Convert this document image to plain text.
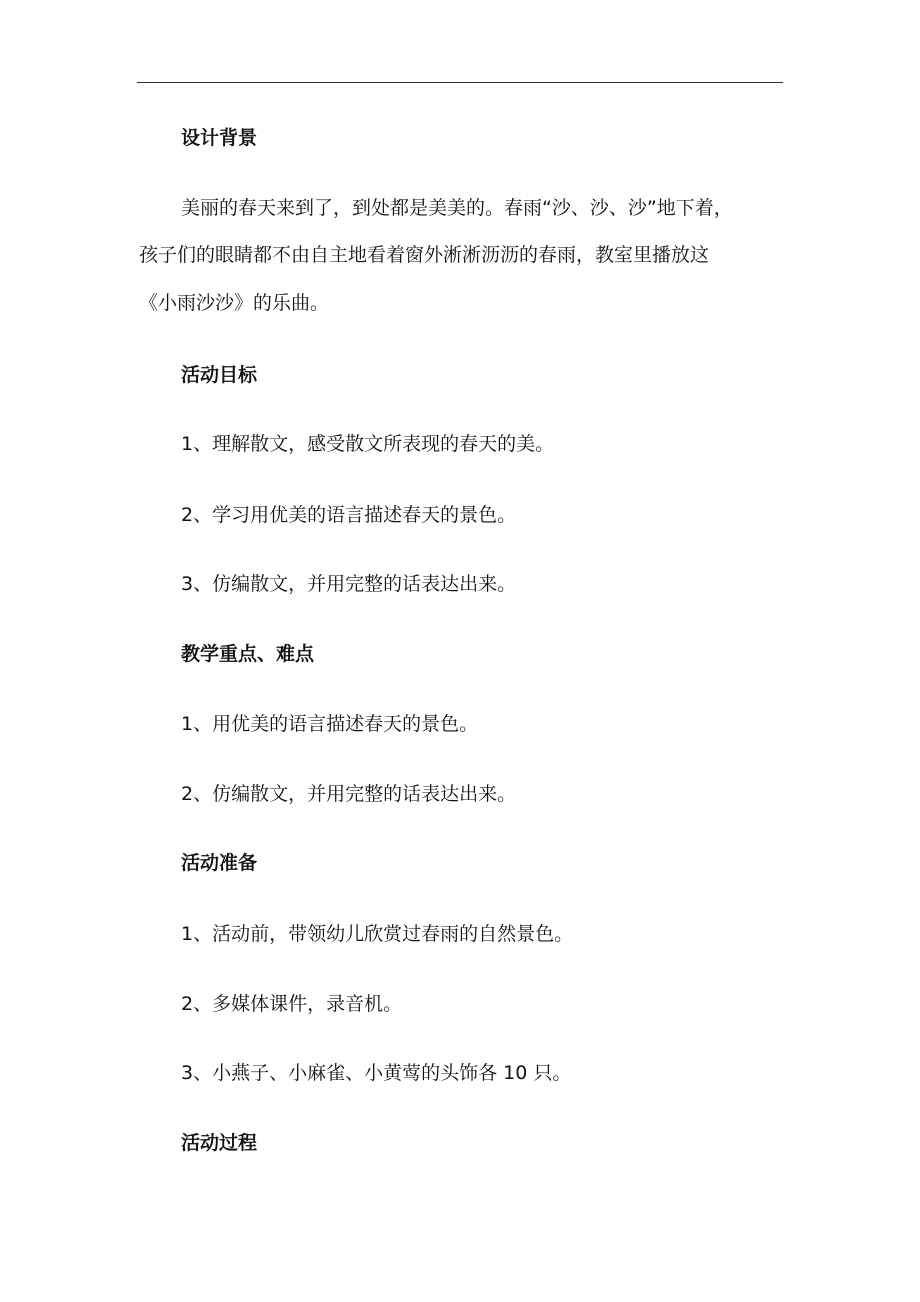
设计背景
美丽的春天来到了，到处都是美美的。春雨“沙、沙、沙”地下着，
孩子们的眼睛都不由自主地看着窗外淅淅沥沥的春雨，教室里播放这
《小雨沙沙》的乐曲。
活动目标
1、理解散文，感受散文所表现的春天的美。
2、学习用优美的语言描述春天的景色。
3、仿编散文，并用完整的话表达出来。
教学重点、难点
1、用优美的语言描述春天的景色。
2、仿编散文，并用完整的话表达出来。
活动准备
1、活动前，带领幼儿欣赏过春雨的自然景色。
2、多媒体课件，录音机。
3、小燕子、小麻雀、小黄莺的头饰各 10 只。
活动过程
